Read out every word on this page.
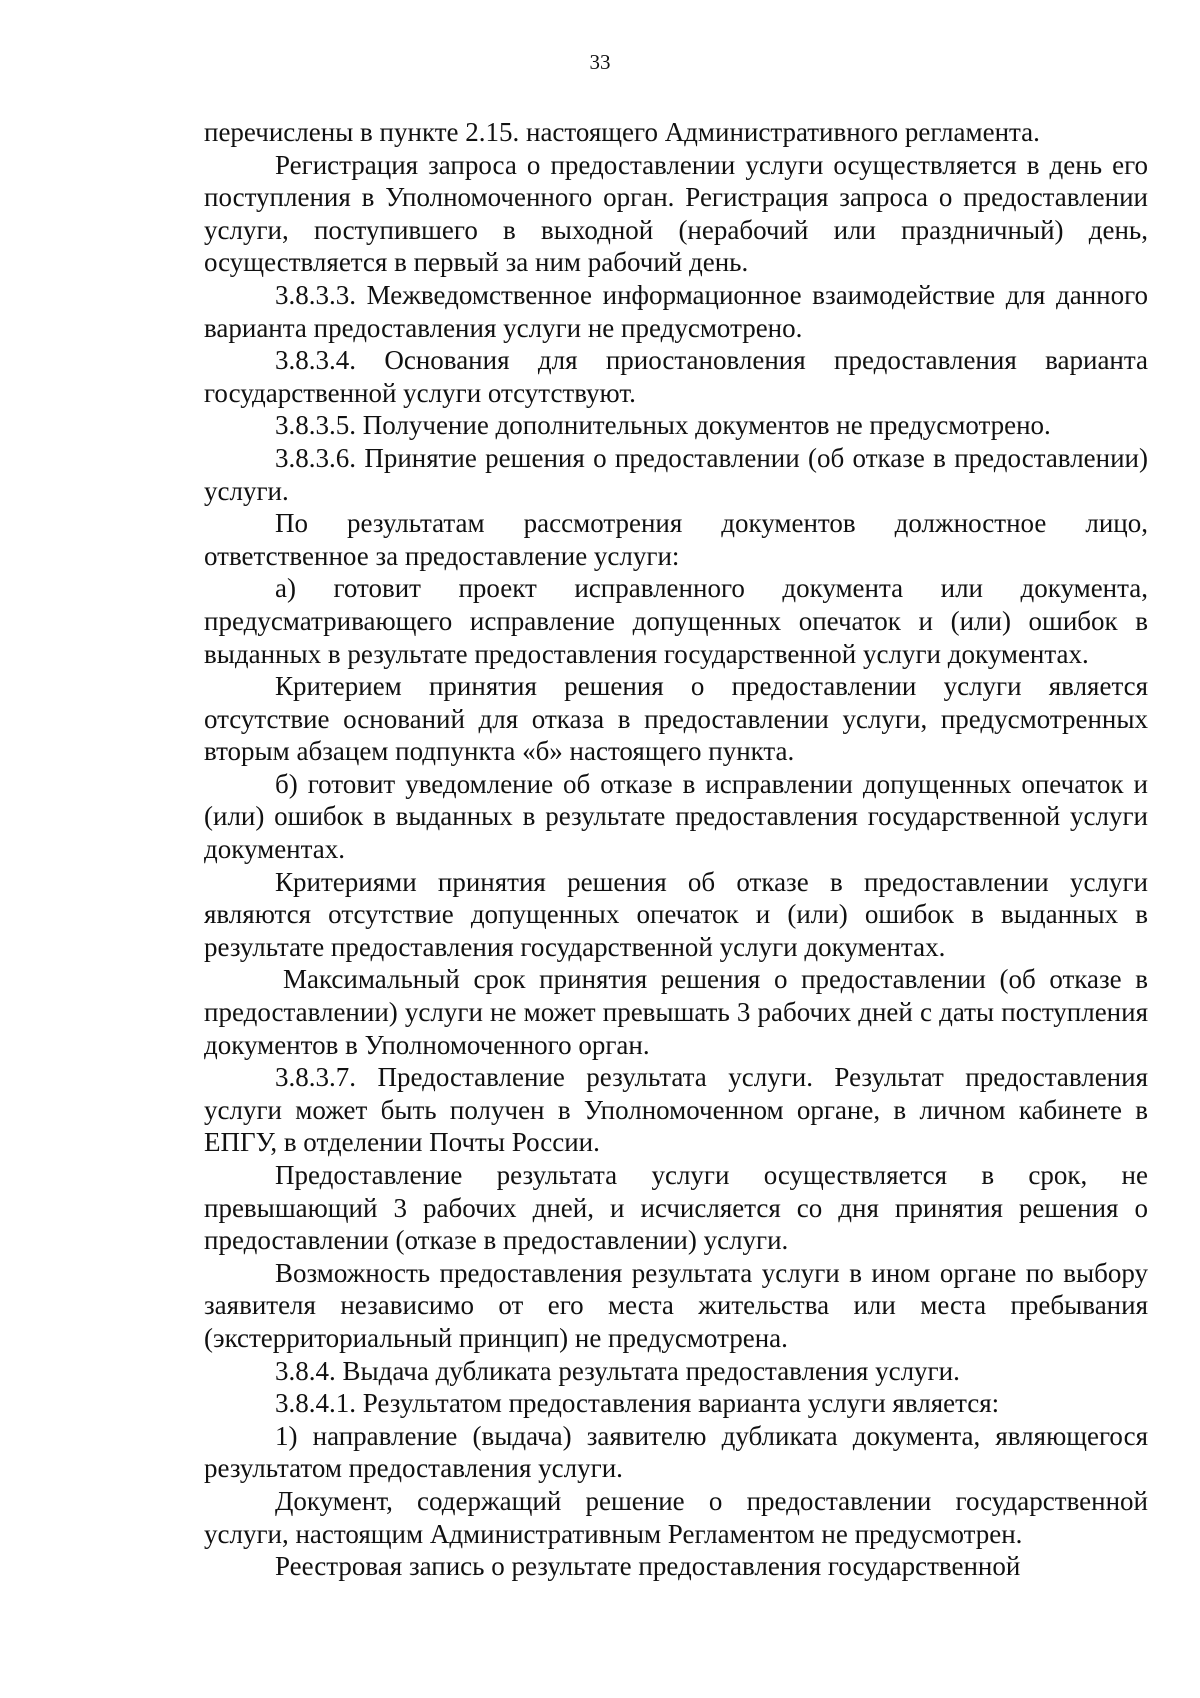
33

перечислены в пункте 2.15. настоящего Административного регламента.

Регистрация запроса о предоставлении услуги осуществляется в день его поступления в Уполномоченного орган. Регистрация запроса о предоставлении услуги, поступившего в выходной (нерабочий или праздничный) день, осуществляется в первый за ним рабочий день.

3.8.3.3. Межведомственное информационное взаимодействие для данного варианта предоставления услуги не предусмотрено.

3.8.3.4. Основания для приостановления предоставления варианта государственной услуги отсутствуют.

3.8.3.5. Получение дополнительных документов не предусмотрено.

3.8.3.6. Принятие решения о предоставлении (об отказе в предоставлении) услуги.

По результатам рассмотрения документов должностное лицо, ответственное за предоставление услуги:

а) готовит проект исправленного документа или документа, предусматривающего исправление допущенных опечаток и (или) ошибок в выданных в результате предоставления государственной услуги документах.

Критерием принятия решения о предоставлении услуги является отсутствие оснований для отказа в предоставлении услуги, предусмотренных вторым абзацем подпункта «б» настоящего пункта.

б) готовит уведомление об отказе в исправлении допущенных опечаток и (или) ошибок в выданных в результате предоставления государственной услуги документах.

Критериями принятия решения об отказе в предоставлении услуги являются отсутствие допущенных опечаток и (или) ошибок в выданных в результате предоставления государственной услуги документах.

Максимальный срок принятия решения о предоставлении (об отказе в предоставлении) услуги не может превышать 3 рабочих дней с даты поступления документов в Уполномоченного орган.

3.8.3.7. Предоставление результата услуги. Результат предоставления услуги может быть получен в Уполномоченном органе, в личном кабинете в ЕПГУ, в отделении Почты России.

Предоставление результата услуги осуществляется в срок, не превышающий 3 рабочих дней, и исчисляется со дня принятия решения о предоставлении (отказе в предоставлении) услуги.

Возможность предоставления результата услуги в ином органе по выбору заявителя независимо от его места жительства или места пребывания (экстерриториальный принцип) не предусмотрена.

3.8.4. Выдача дубликата результата предоставления услуги.

3.8.4.1. Результатом предоставления варианта услуги является:

1) направление (выдача) заявителю дубликата документа, являющегося результатом предоставления услуги.

Документ, содержащий решение о предоставлении государственной услуги, настоящим Административным Регламентом не предусмотрен.

Реестровая запись о результате предоставления государственной
